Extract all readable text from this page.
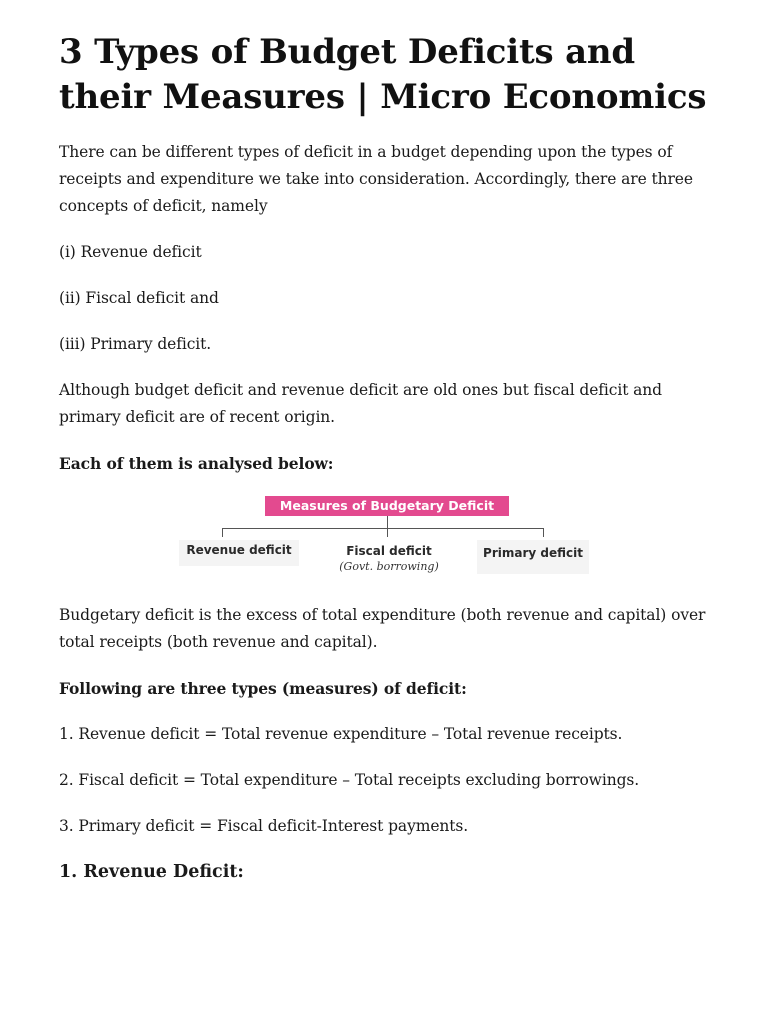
3 Types of Budget Deficits and their Measures | Micro Economics

There can be different types of deficit in a budget depending upon the types of receipts and expenditure we take into consideration. Accordingly, there are three concepts of deficit, namely

(i) Revenue deficit

(ii) Fiscal deficit and

(iii) Primary deficit.

Although budget deficit and revenue deficit are old ones but fiscal deficit and primary deficit are of recent origin.

Each of them is analysed below:

Measures of Budgetary Deficit
Revenue deficit	Fiscal deficit
(Govt. borrowing)
Primary deficit

Budgetary deficit is the excess of total expenditure (both revenue and capital) over total receipts (both revenue and capital).

Following are three types (measures) of deficit:

1. Revenue deficit = Total revenue expenditure – Total revenue receipts.

2. Fiscal deficit = Total expenditure – Total receipts excluding borrowings.

3. Primary deficit = Fiscal deficit-Interest payments.

1. Revenue Deficit:
